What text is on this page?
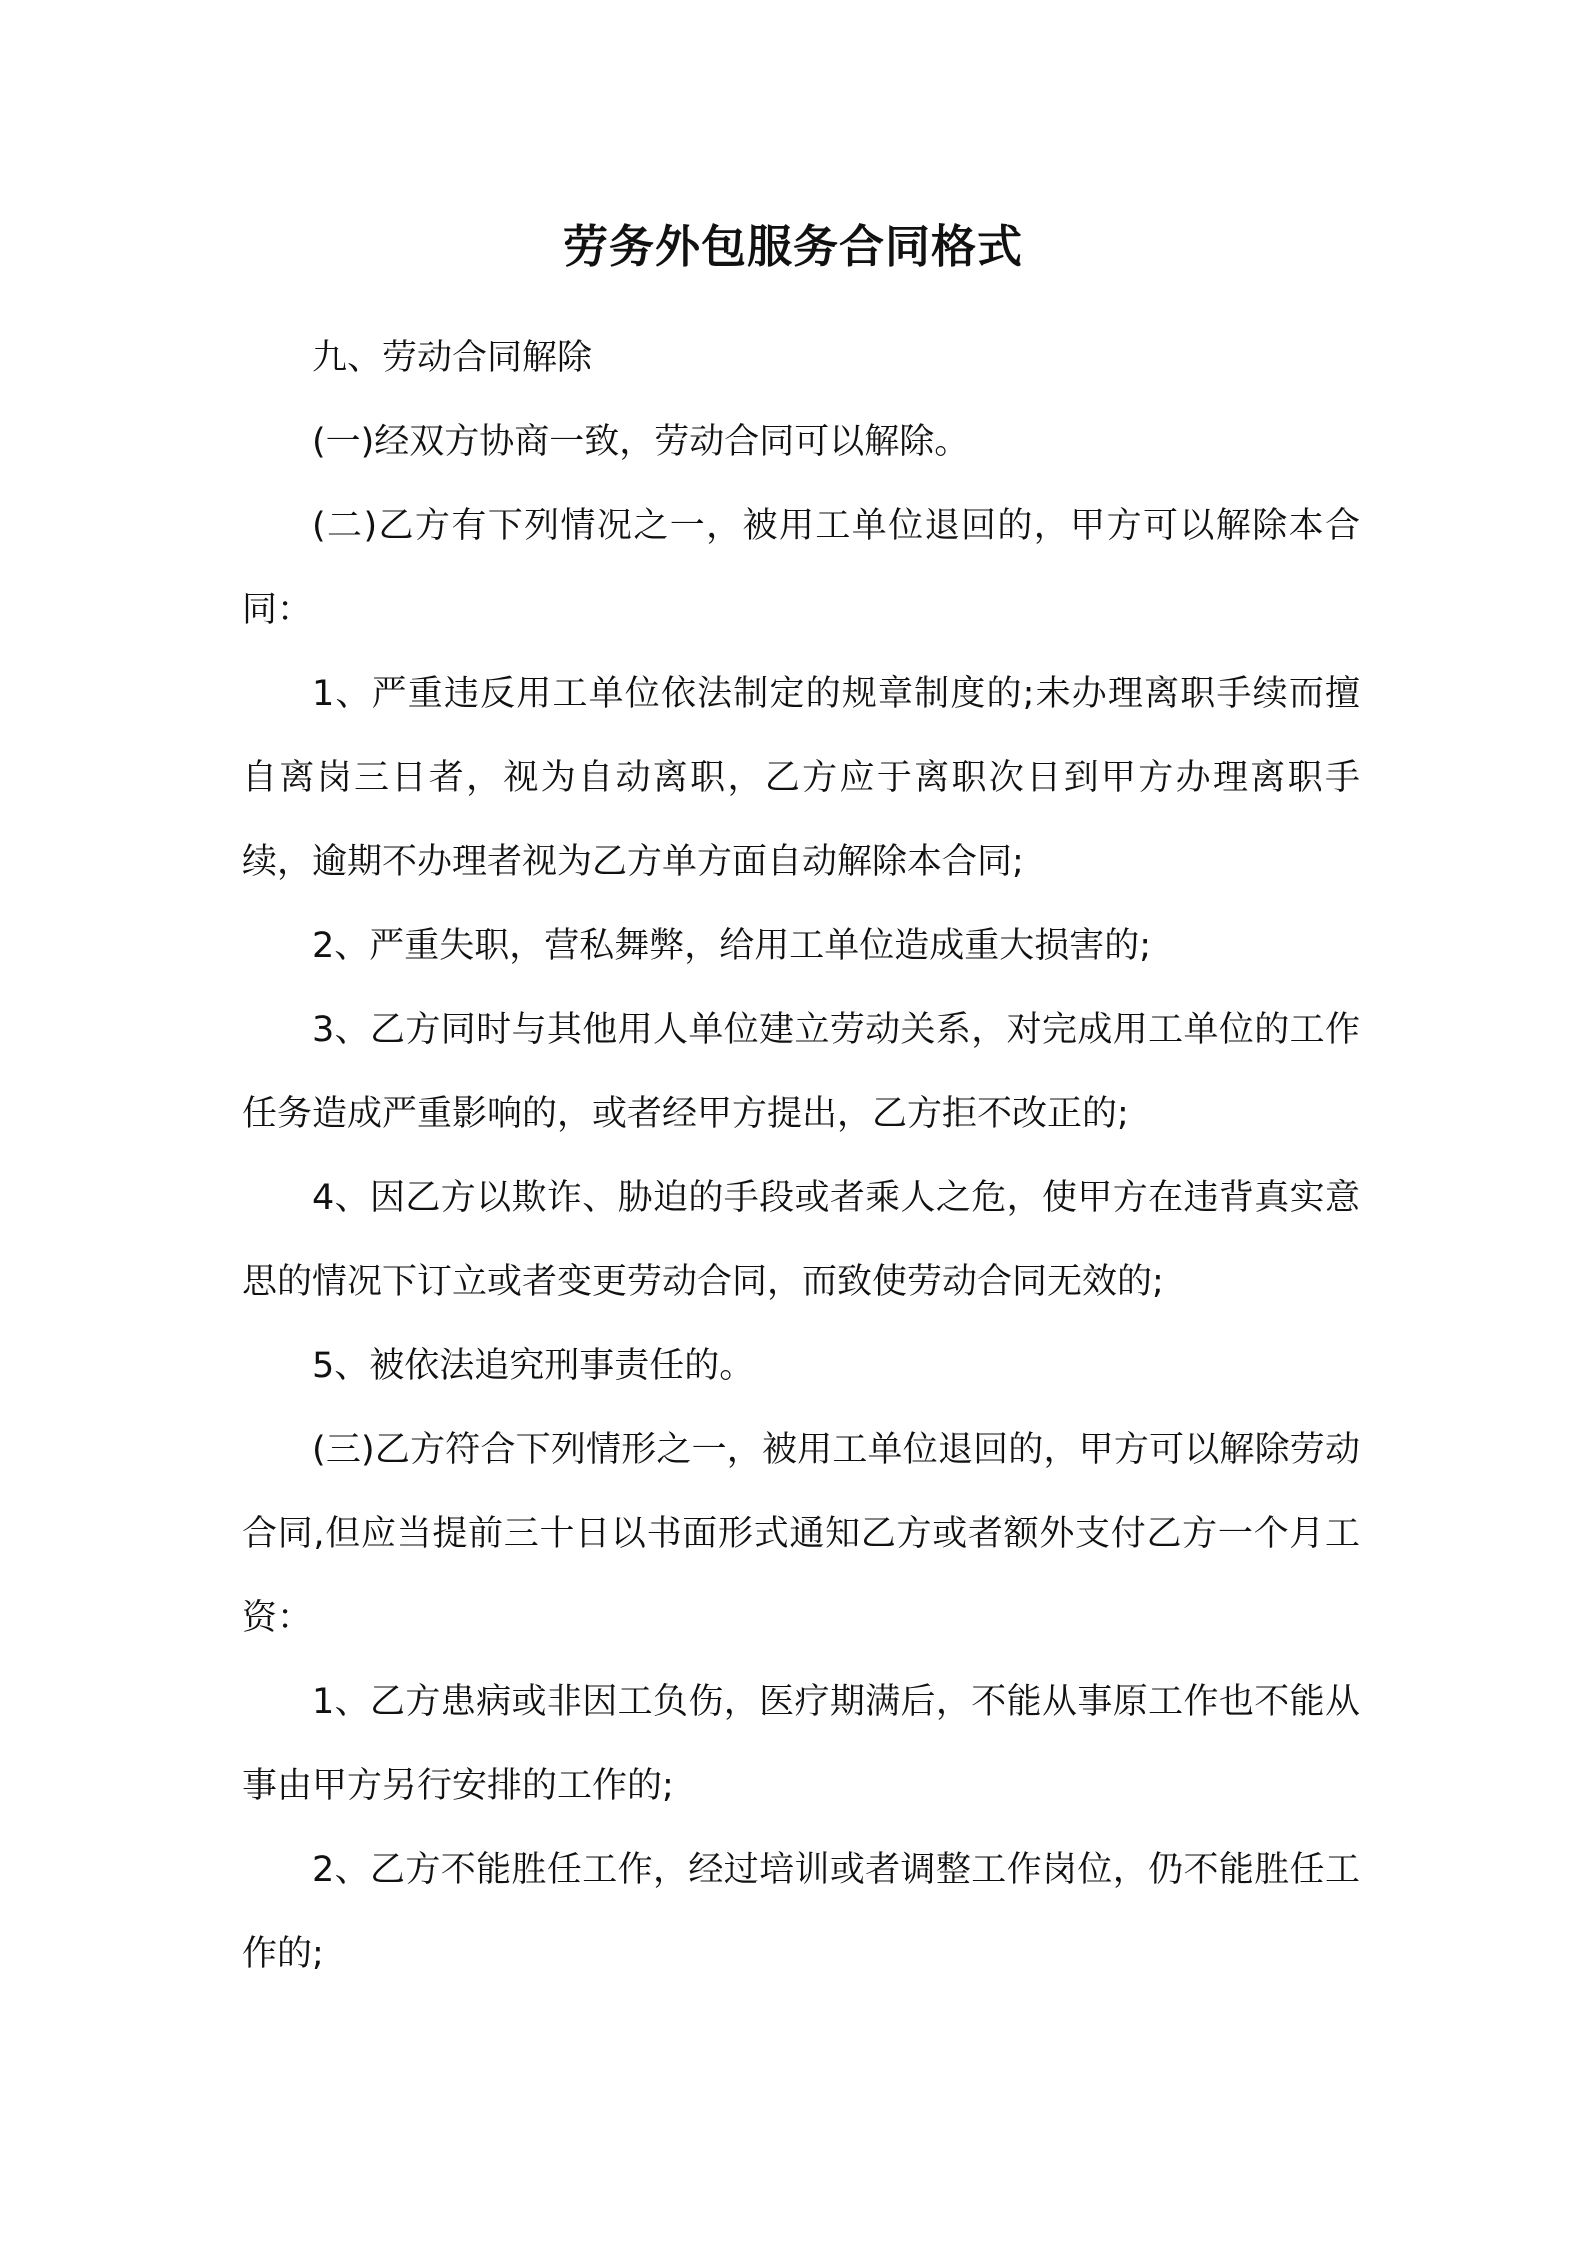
劳务外包服务合同格式

九、劳动合同解除

(一)经双方协商一致，劳动合同可以解除。

(二)乙方有下列情况之一，被用工单位退回的，甲方可以解除本合同：

1、严重违反用工单位依法制定的规章制度的;未办理离职手续而擅自离岗三日者，视为自动离职，乙方应于离职次日到甲方办理离职手续，逾期不办理者视为乙方单方面自动解除本合同;

2、严重失职，营私舞弊，给用工单位造成重大损害的;

3、乙方同时与其他用人单位建立劳动关系，对完成用工单位的工作任务造成严重影响的，或者经甲方提出，乙方拒不改正的;

4、因乙方以欺诈、胁迫的手段或者乘人之危，使甲方在违背真实意思的情况下订立或者变更劳动合同，而致使劳动合同无效的;

5、被依法追究刑事责任的。

(三)乙方符合下列情形之一，被用工单位退回的，甲方可以解除劳动合同,但应当提前三十日以书面形式通知乙方或者额外支付乙方一个月工资：

1、乙方患病或非因工负伤，医疗期满后，不能从事原工作也不能从事由甲方另行安排的工作的;

2、乙方不能胜任工作，经过培训或者调整工作岗位，仍不能胜任工作的;
